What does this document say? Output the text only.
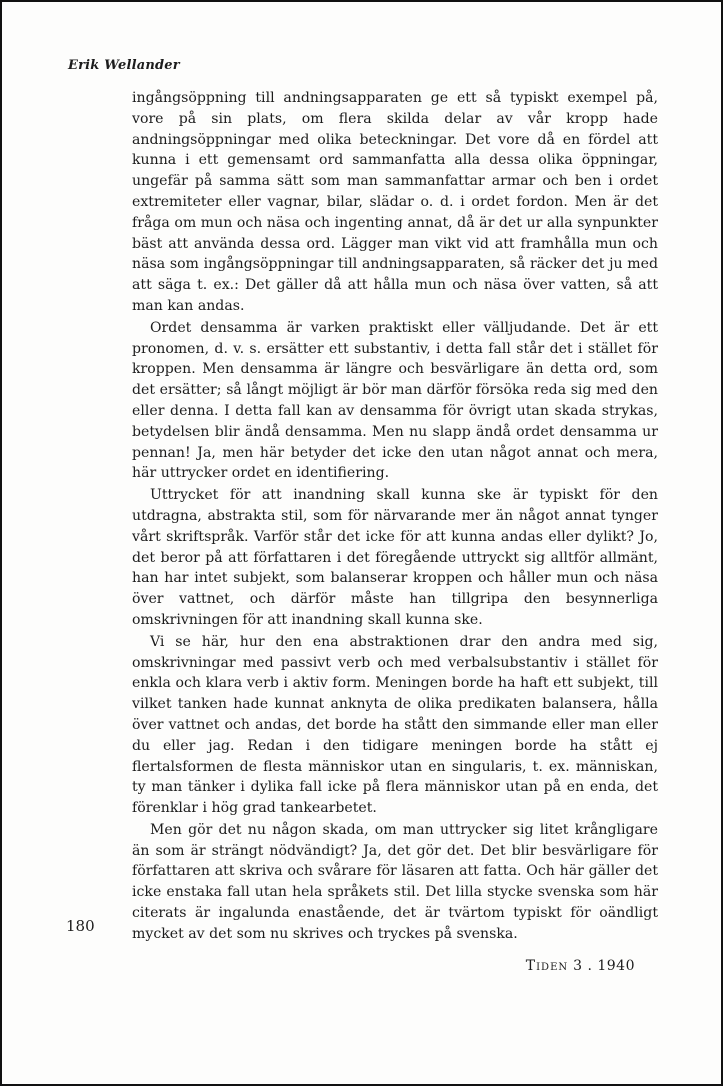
Erik Wellander

ingångsöppning till andningsapparaten ge ett så typiskt exempel på, vore på sin plats, om flera skilda delar av vår kropp hade andningsöppningar med olika beteckningar. Det vore då en fördel att kunna i ett gemensamt ord sammanfatta alla dessa olika öppningar, ungefär på samma sätt som man sammanfattar armar och ben i ordet extremiteter eller vagnar, bilar, slädar o. d. i ordet fordon. Men är det fråga om mun och näsa och ingenting annat, då är det ur alla synpunkter bäst att använda dessa ord. Lägger man vikt vid att framhålla mun och näsa som ingångsöppningar till andningsapparaten, så räcker det ju med att säga t. ex.: Det gäller då att hålla mun och näsa över vatten, så att man kan andas.

Ordet densamma är varken praktiskt eller välljudande. Det är ett pronomen, d. v. s. ersätter ett substantiv, i detta fall står det i stället för kroppen. Men densamma är längre och besvärligare än detta ord, som det ersätter; så långt möjligt är bör man därför försöka reda sig med den eller denna. I detta fall kan av densamma för övrigt utan skada strykas, betydelsen blir ändå densamma. Men nu slapp ändå ordet densamma ur pennan! Ja, men här betyder det icke den utan något annat och mera, här uttrycker ordet en identifiering.

Uttrycket för att inandning skall kunna ske är typiskt för den utdragna, abstrakta stil, som för närvarande mer än något annat tynger vårt skriftspråk. Varför står det icke för att kunna andas eller dylikt? Jo, det beror på att författaren i det föregående uttryckt sig alltför allmänt, han har intet subjekt, som balanserar kroppen och håller mun och näsa över vattnet, och därför måste han tillgripa den besynnerliga omskrivningen för att inandning skall kunna ske.

Vi se här, hur den ena abstraktionen drar den andra med sig, omskrivningar med passivt verb och med verbalsubstantiv i stället för enkla och klara verb i aktiv form. Meningen borde ha haft ett subjekt, till vilket tanken hade kunnat anknyta de olika predikaten balansera, hålla över vattnet och andas, det borde ha stått den simmande eller man eller du eller jag. Redan i den tidigare meningen borde ha stått ej flertalsformen de flesta människor utan en singularis, t. ex. människan, ty man tänker i dylika fall icke på flera människor utan på en enda, det förenklar i hög grad tankearbetet.

Men gör det nu någon skada, om man uttrycker sig litet krångligare än som är strängt nödvändigt? Ja, det gör det. Det blir besvärligare för författaren att skriva och svårare för läsaren att fatta. Och här gäller det icke enstaka fall utan hela språkets stil. Det lilla stycke svenska som här citerats är ingalunda enastående, det är tvärtom typiskt för oändligt mycket av det som nu skrives och tryckes på svenska.

180
Tiden 3 . 1940
